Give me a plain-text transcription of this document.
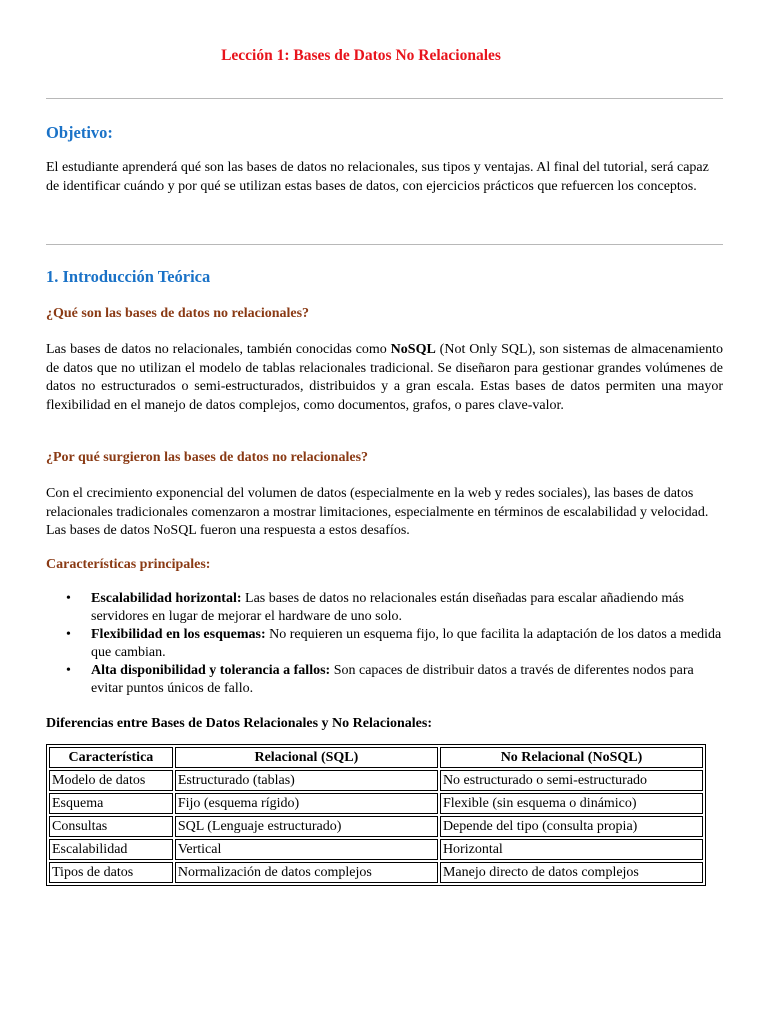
Lección 1: Bases de Datos No Relacionales
Objetivo:

El estudiante aprenderá qué son las bases de datos no relacionales, sus tipos y ventajas. Al final del tutorial, será capaz de identificar cuándo y por qué se utilizan estas bases de datos, con ejercicios prácticos que refuercen los conceptos.

1. Introducción Teórica
¿Qué son las bases de datos no relacionales?

Las bases de datos no relacionales, también conocidas como NoSQL (Not Only SQL), son sistemas de almacenamiento de datos que no utilizan el modelo de tablas relacionales tradicional. Se diseñaron para gestionar grandes volúmenes de datos no estructurados o semi-estructurados, distribuidos y a gran escala. Estas bases de datos permiten una mayor flexibilidad en el manejo de datos complejos, como documentos, grafos, o pares clave-valor.

¿Por qué surgieron las bases de datos no relacionales?

Con el crecimiento exponencial del volumen de datos (especialmente en la web y redes sociales), las bases de datos relacionales tradicionales comenzaron a mostrar limitaciones, especialmente en términos de escalabilidad y velocidad. Las bases de datos NoSQL fueron una respuesta a estos desafíos.

Características principales:
• Escalabilidad horizontal: Las bases de datos no relacionales están diseñadas para escalar añadiendo más servidores en lugar de mejorar el hardware de uno solo.
• Flexibilidad en los esquemas: No requieren un esquema fijo, lo que facilita la adaptación de los datos a medida que cambian.
• Alta disponibilidad y tolerancia a fallos: Son capaces de distribuir datos a través de diferentes nodos para evitar puntos únicos de fallo.

Diferencias entre Bases de Datos Relacionales y No Relacionales:

Característica	Relacional (SQL)	No Relacional (NoSQL)
Modelo de datos	Estructurado (tablas)	No estructurado o semi-estructurado
Esquema	Fijo (esquema rígido)	Flexible (sin esquema o dinámico)
Consultas	SQL (Lenguaje estructurado)	Depende del tipo (consulta propia)
Escalabilidad	Vertical	Horizontal
Tipos de datos	Normalización de datos complejos	Manejo directo de datos complejos
